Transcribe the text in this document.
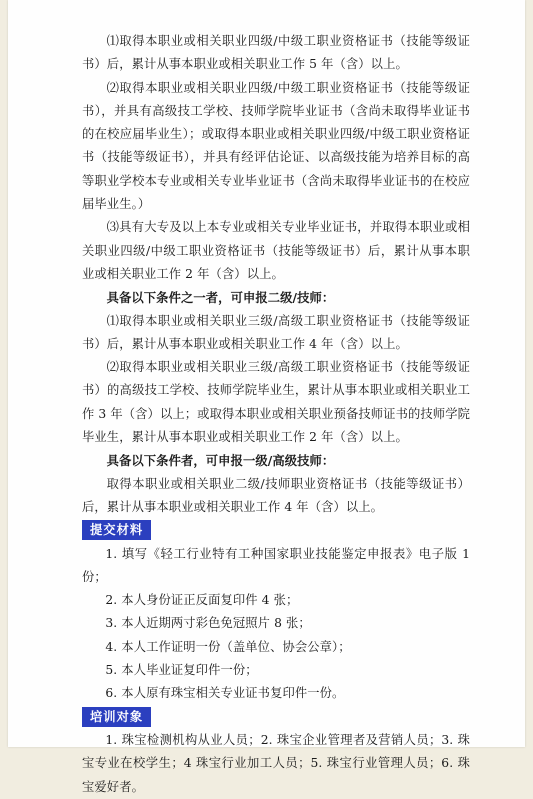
⑴取得本职业或相关职业四级/中级工职业资格证书（技能等级证书）后，累计从事本职业或相关职业工作 5 年（含）以上。

⑵取得本职业或相关职业四级/中级工职业资格证书（技能等级证书），并具有高级技工学校、技师学院毕业证书（含尚未取得毕业证书的在校应届毕业生）；或取得本职业或相关职业四级/中级工职业资格证书（技能等级证书），并具有经评估论证、以高级技能为培养目标的高等职业学校本专业或相关专业毕业证书（含尚未取得毕业证书的在校应届毕业生。）

⑶具有大专及以上本专业或相关专业毕业证书，并取得本职业或相关职业四级/中级工职业资格证书（技能等级证书）后，累计从事本职业或相关职业工作 2 年（含）以上。

具备以下条件之一者，可申报二级/技师：

⑴取得本职业或相关职业三级/高级工职业资格证书（技能等级证书）后，累计从事本职业或相关职业工作 4 年（含）以上。

⑵取得本职业或相关职业三级/高级工职业资格证书（技能等级证书）的高级技工学校、技师学院毕业生，累计从事本职业或相关职业工作 3 年（含）以上；或取得本职业或相关职业预备技师证书的技师学院毕业生，累计从事本职业或相关职业工作 2 年（含）以上。

具备以下条件者，可申报一级/高级技师：

取得本职业或相关职业二级/技师职业资格证书（技能等级证书）后，累计从事本职业或相关职业工作 4 年（含）以上。

提交材料

1. 填写《轻工行业特有工种国家职业技能鉴定申报表》电子版 1 份；

2. 本人身份证正反面复印件 4 张；

3. 本人近期两寸彩色免冠照片 8 张；

4. 本人工作证明一份（盖单位、协会公章）；

5. 本人毕业证复印件一份；

6. 本人原有珠宝相关专业证书复印件一份。

培训对象

1. 珠宝检测机构从业人员；2. 珠宝企业管理者及营销人员；3. 珠宝专业在校学生；4 珠宝行业加工人员；5. 珠宝行业管理人员；6. 珠宝爱好者。
